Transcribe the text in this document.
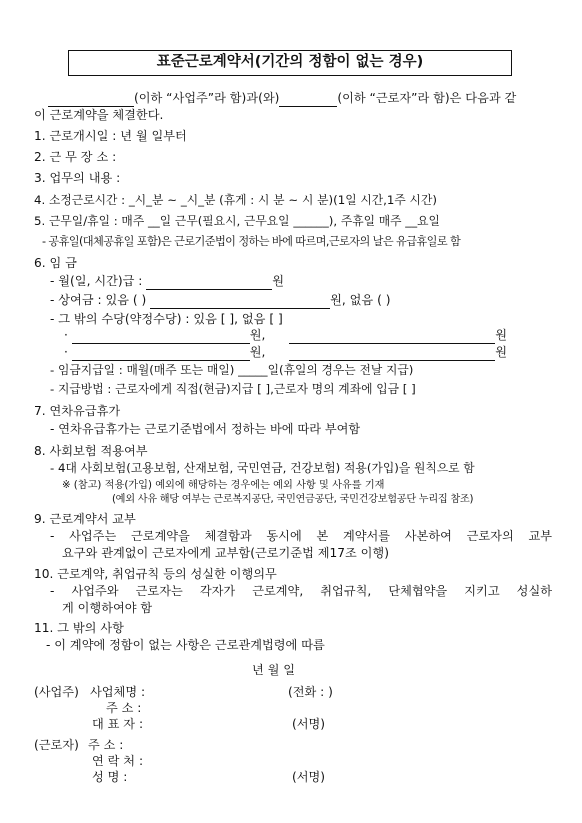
표준근로계약서(기간의 정함이 없는 경우)
(이하 “사업주”라 함)과(와)	(이하 “근로자”라 함)은 다음과 같
이 근로계약을 체결한다.
1. 근로개시일 : 년 월 일부터
2. 근 무 장 소 :
3. 업무의 내용 :
4. 소정근로시간 : _시_분 ~ _시_분 (휴게 : 시 분 ~ 시 분)(1일 시간,1주 시간)
5. 근무일/휴일 : 매주 __일 근무(필요시, 근무요일 ______), 주휴일 매주 __요일
- 공휴일(대체공휴일 포함)은 근로기준법이 정하는 바에 따르며,근로자의 날은 유급휴일로 함
6. 임 금
- 월(일, 시간)급 :	원
- 상여금 : 있음 ( )	원, 없음 ( )
- 그 밖의 수당(약정수당) : 있음 [ ], 없음 [ ]
·	원,	원
·	원,	원
- 임금지급일 : 매월(매주 또는 매일) _____일(휴일의 경우는 전날 지급)
- 지급방법 : 근로자에게 직접(현금)지급 [ ],근로자 명의 계좌에 입금 [ ]
7. 연차유급휴가
- 연차유급휴가는 근로기준법에서 정하는 바에 따라 부여함
8. 사회보험 적용여부
- 4대 사회보험(고용보험, 산재보험, 국민연금, 건강보험) 적용(가입)을 원칙으로 함
※ (참고) 적용(가입) 예외에 해당하는 경우에는 예외 사항 및 사유를 기재
(예외 사유 해당 여부는 근로복지공단, 국민연금공단, 국민건강보험공단 누리집 참조)
9. 근로계약서 교부
- 사업주는 근로계약을 체결함과 동시에 본 계약서를 사본하여 근로자의 교부
요구와 관계없이 근로자에게 교부함(근로기준법 제17조 이행)
10. 근로계약, 취업규칙 등의 성실한 이행의무
- 사업주와 근로자는 각자가 근로계약, 취업규칙, 단체협약을 지키고 성실하
게 이행하여야 함
11. 그 밖의 사항
- 이 계약에 정함이 없는 사항은 근로관계법령에 따름
년 월 일
(사업주) 사업체명 :	(전화 : )
주 소 :
대 표 자 :	(서명)
(근로자) 주 소 :
연 락 처 :
성 명 :	(서명)
